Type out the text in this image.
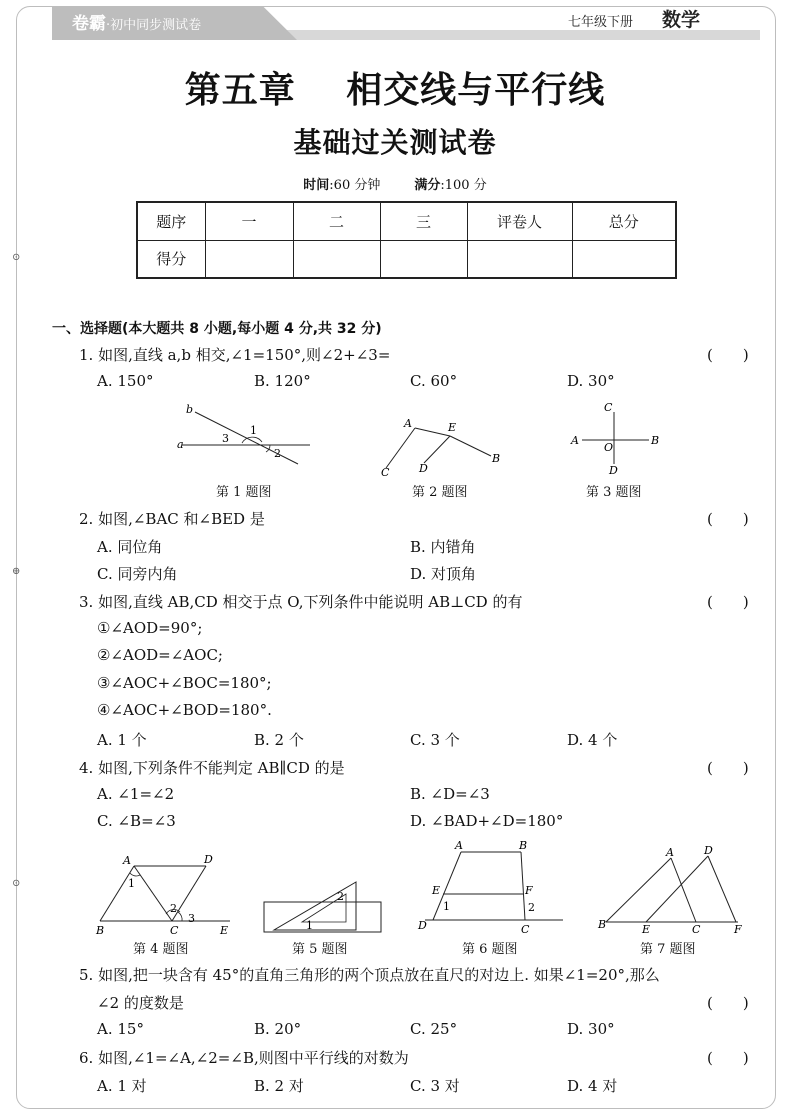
卷霸·初中同步测试卷	七年级下册 数学
第五章　 相交线与平行线
基础过关测试卷
时间:60 分钟	满分:100 分
题序	一	二	三	评卷人	总分
得分					
⊙
⊕
⊙
一、选择题(本大题共 8 小题,每小题 4 分,共 32 分)
1. 如图,直线 a,b 相交,∠1=150°,则∠2+∠3=	(　　)
A. 150°	B. 120°	C. 60°	D. 30°
b
a
1
3
2
第 1 题图
A	E
C	D
B
第 2 题图
C
A	B
O
D
第 3 题图
2. 如图,∠BAC 和∠BED 是	(　　)
A. 同位角	B. 内错角
C. 同旁内角	D. 对顶角
3. 如图,直线 AB,CD 相交于点 O,下列条件中能说明 AB⊥CD 的有	(　　)
①∠AOD=90°;
②∠AOD=∠AOC;
③∠AOC+∠BOC=180°;
④∠AOC+∠BOD=180°.
A. 1 个	B. 2 个	C. 3 个	D. 4 个
4. 如图,下列条件不能判定 AB∥CD 的是	(　　)
A. ∠1=∠2	B. ∠D=∠3
C. ∠B=∠3	D. ∠BAD+∠D=180°
A	D
1
2
3
B	C	E
第 4 题图
2
1
第 5 题图
A	B
E	F
1	2
D	C
第 6 题图
A	D
B	E	C	F
第 7 题图
5. 如图,把一块含有 45°的直角三角形的两个顶点放在直尺的对边上. 如果∠1=20°,那么
∠2 的度数是	(　　)
A. 15°	B. 20°	C. 25°	D. 30°
6. 如图,∠1=∠A,∠2=∠B,则图中平行线的对数为	(　　)
A. 1 对	B. 2 对	C. 3 对	D. 4 对
